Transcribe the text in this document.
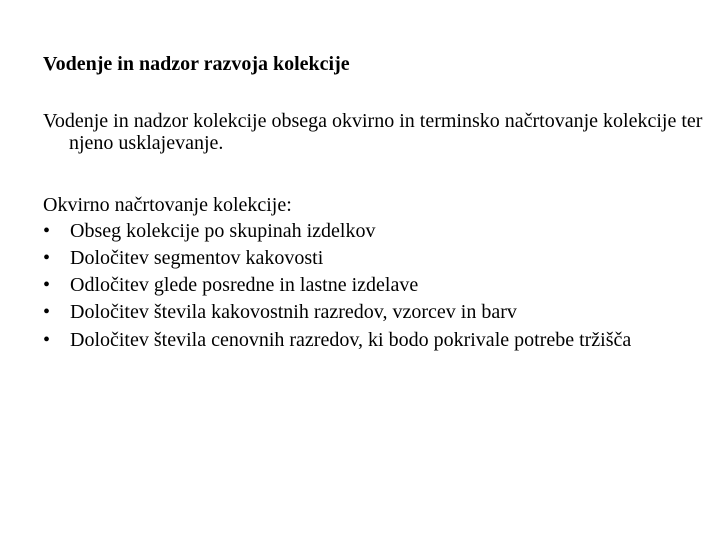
Vodenje in nadzor razvoja kolekcije
Vodenje in nadzor kolekcije obsega okvirno in terminsko načrtovanje kolekcije ter njeno usklajevanje.
Okvirno načrtovanje kolekcije:
• Obseg kolekcije po skupinah izdelkov
• Določitev segmentov kakovosti
• Odločitev glede posredne in lastne izdelave
• Določitev števila kakovostnih razredov, vzorcev in barv
• Določitev števila cenovnih razredov, ki bodo pokrivale potrebe tržišča
